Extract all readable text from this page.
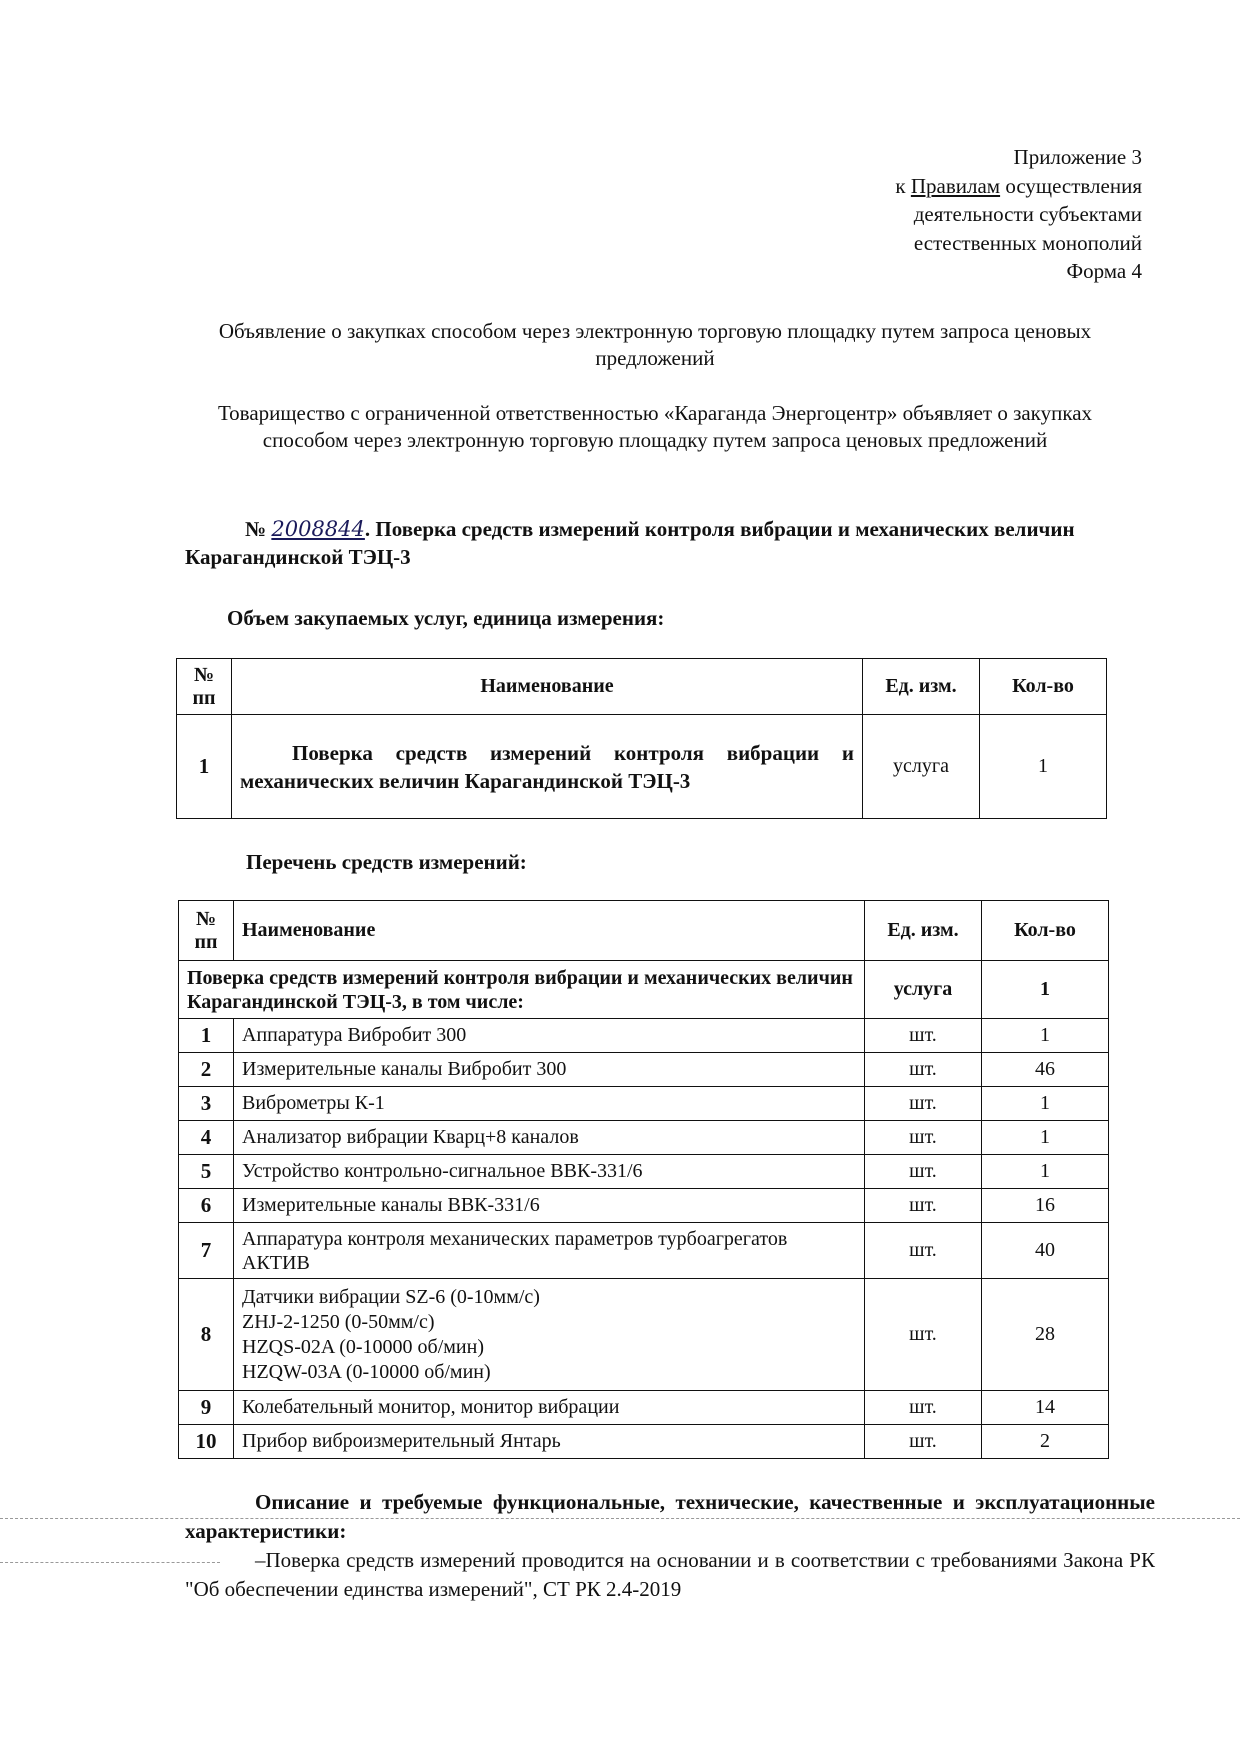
Приложение 3
к Правилам осуществления
деятельности субъектами
естественных монополий
Форма 4
Объявление о закупках способом через электронную торговую площадку путем запроса ценовых предложений
Товарищество с ограниченной ответственностью «Караганда Энергоцентр» объявляет о закупках способом через электронную торговую площадку путем запроса ценовых предложений
№ 2008844. Поверка средств измерений контроля вибрации и механических величин Карагандинской ТЭЦ-3
Объем закупаемых услуг, единица измерения:
№ пп	Наименование	Ед. изм.	Кол-во
1	Поверка средств измерений контроля вибрации и механических величин Карагандинской ТЭЦ-3	услуга	1
Перечень средств измерений:
№ пп	Наименование	Ед. изм.	Кол-во
Поверка средств измерений контроля вибрации и механических величин Карагандинской ТЭЦ-3, в том числе:		услуга	1
1	Аппаратура Вибробит 300	шт.	1
2	Измерительные каналы Вибробит 300	шт.	46
3	Виброметры К-1	шт.	1
4	Анализатор вибрации Кварц+8 каналов	шт.	1
5	Устройство контрольно-сигнальное ВВК-331/6	шт.	1
6	Измерительные каналы ВВК-331/6	шт.	16
7	Аппаратура контроля механических параметров турбоагрегатов АКТИВ	шт.	40
8	Датчики вибрации SZ-6 (0-10мм/с)
ZHJ-2-1250 (0-50мм/с)
HZQS-02A (0-10000 об/мин)
HZQW-03A (0-10000 об/мин)	шт.	28
9	Колебательный монитор, монитор вибрации	шт.	14
10	Прибор виброизмерительный Янтарь	шт.	2
Описание и требуемые функциональные, технические, качественные и эксплуатационные характеристики:
–Поверка средств измерений проводится на основании и в соответствии с требованиями Закона РК "Об обеспечении единства измерений", СТ РК 2.4-2019
